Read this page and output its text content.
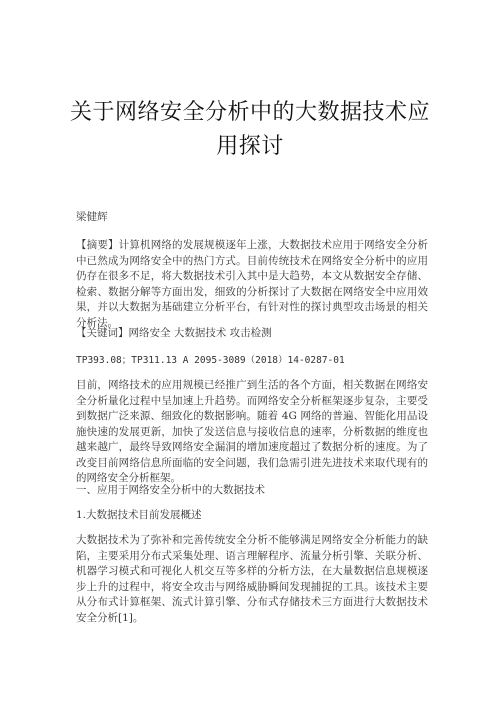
关于网络安全分析中的大数据技术应用探讨

梁健辉

【摘要】计算机网络的发展规模逐年上涨，大数据技术应用于网络安全分析中已然成为网络安全中的热门方式。目前传统技术在网络安全分析中的应用仍存在很多不足，将大数据技术引入其中是大趋势，本文从数据安全存储、检索、数据分解等方面出发，细致的分析探讨了大数据在网络安全中应用效果，并以大数据为基础建立分析平台，有针对性的探讨典型攻击场景的相关分析法。

【关键词】网络安全 大数据技术 攻击检测

TP393.08；TP311.13 A 2095-3089（2018）14-0287-01

目前，网络技术的应用规模已经推广到生活的各个方面，相关数据在网络安全分析量化过程中呈加速上升趋势。而网络安全分析框架逐步复杂，主要受到数据广泛来源、细致化的数据影响。随着 4G 网络的普遍、智能化用品设施快速的发展更新，加快了发送信息与接收信息的速率，分析数据的维度也越来越广，最终导致网络安全漏洞的增加速度超过了数据分析的速度。为了改变目前网络信息所面临的安全问题，我们急需引进先进技术来取代现有的的网络安全分析框架。

一、应用于网络安全分析中的大数据技术

1.大数据技术目前发展概述

大数据技术为了弥补和完善传统安全分析不能够满足网络安全分析能力的缺陷，主要采用分布式采集处理、语言理解程序、流量分析引擎、关联分析、机器学习模式和可视化人机交互等多样的分析方法，在大量数据信息规模逐步上升的过程中，将安全攻击与网络威胁瞬间发现捕捉的工具。该技术主要从分布式计算框架、流式计算引擎、分布式存储技术三方面进行大数据技术安全分析[1]。
